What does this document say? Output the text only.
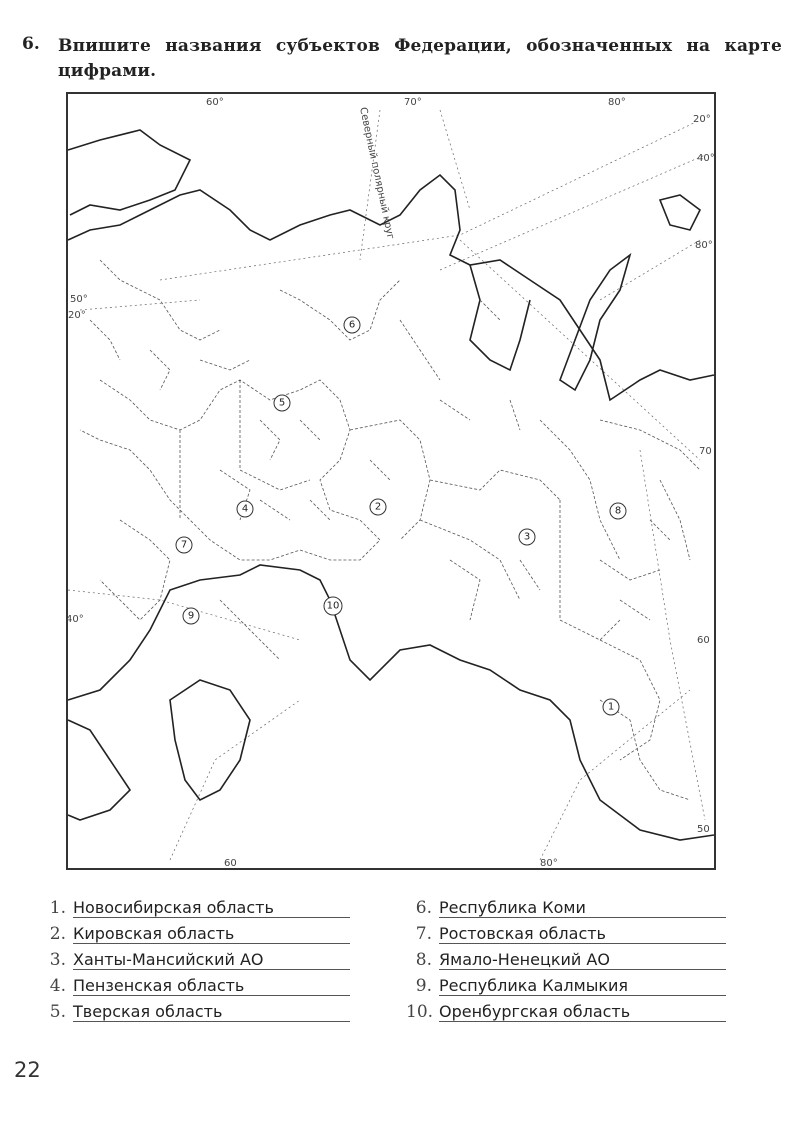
6. Впишите названия субъектов Федерации, обозначенных на карте цифрами.
1
2
3
4
5
6
7
8
9
10
60°	70°	80°
20°
40°
80°
70
60
50
50°
20°
40°
60	80°
Северный полярный круг
1. Новосибирская область
2. Кировская область
3. Ханты-Мансийский АО
4. Пензенская область
5. Тверская область
6. Республика Коми
7. Ростовская область
8. Ямало-Ненецкий АО
9. Республика Калмыкия
10. Оренбургская область
22
